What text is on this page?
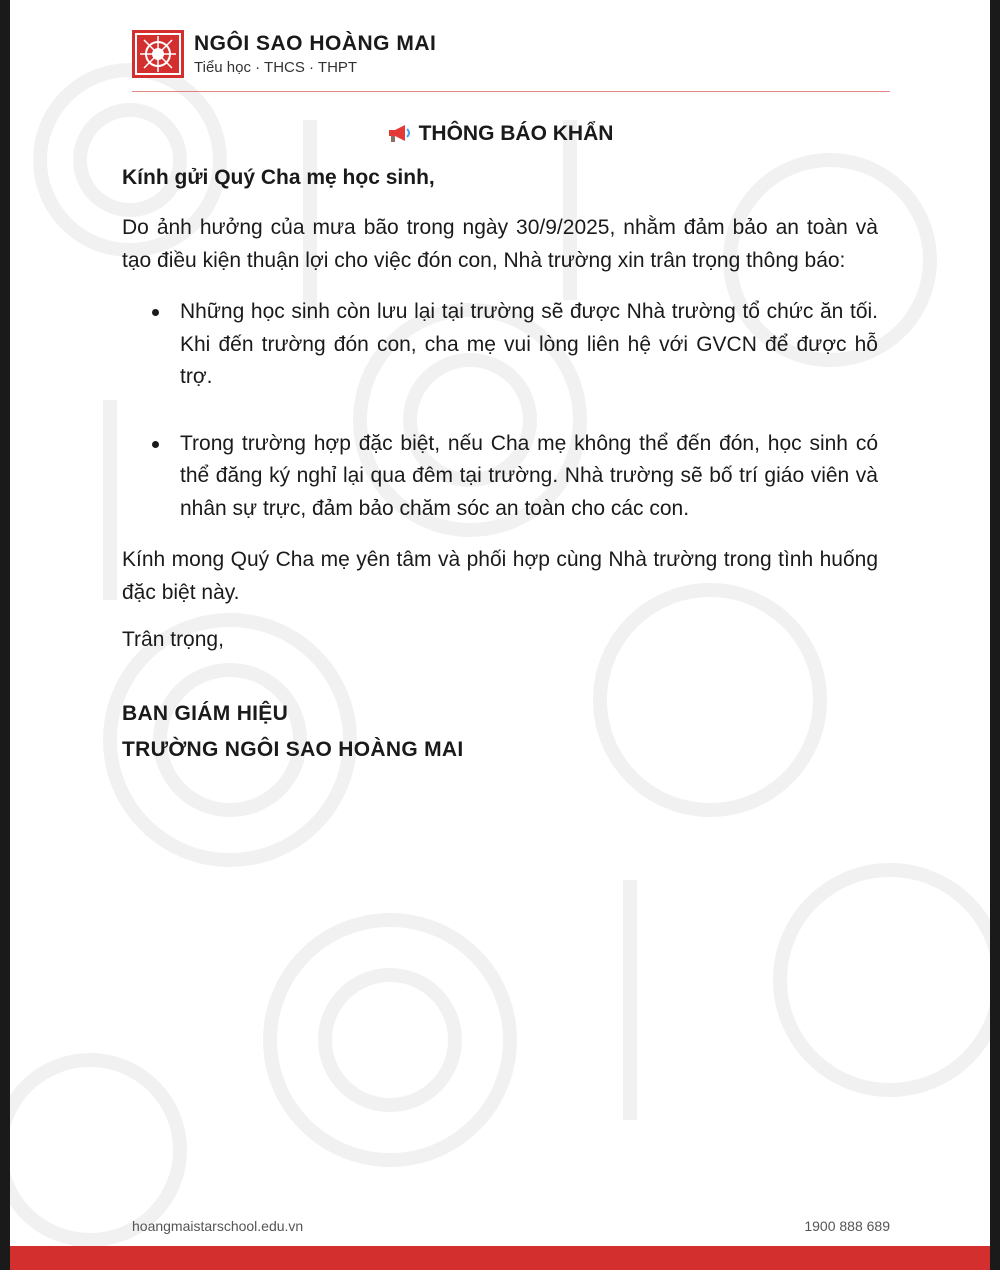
NGÔI SAO HOÀNG MAI
Tiểu học · THCS · THPT
THÔNG BÁO KHẨN
Kính gửi Quý Cha mẹ học sinh,

Do ảnh hưởng của mưa bão trong ngày 30/9/2025, nhằm đảm bảo an toàn và tạo điều kiện thuận lợi cho việc đón con, Nhà trường xin trân trọng thông báo:

Những học sinh còn lưu lại tại trường sẽ được Nhà trường tổ chức ăn tối. Khi đến trường đón con, cha mẹ vui lòng liên hệ với GVCN để được hỗ trợ.
Trong trường hợp đặc biệt, nếu Cha mẹ không thể đến đón, học sinh có thể đăng ký nghỉ lại qua đêm tại trường. Nhà trường sẽ bố trí giáo viên và nhân sự trực, đảm bảo chăm sóc an toàn cho các con.

Kính mong Quý Cha mẹ yên tâm và phối hợp cùng Nhà trường trong tình huống đặc biệt này.

Trân trọng,
BAN GIÁM HIỆU
TRƯỜNG NGÔI SAO HOÀNG MAI
hoangmaistarschool.edu.vn	1900 888 689
